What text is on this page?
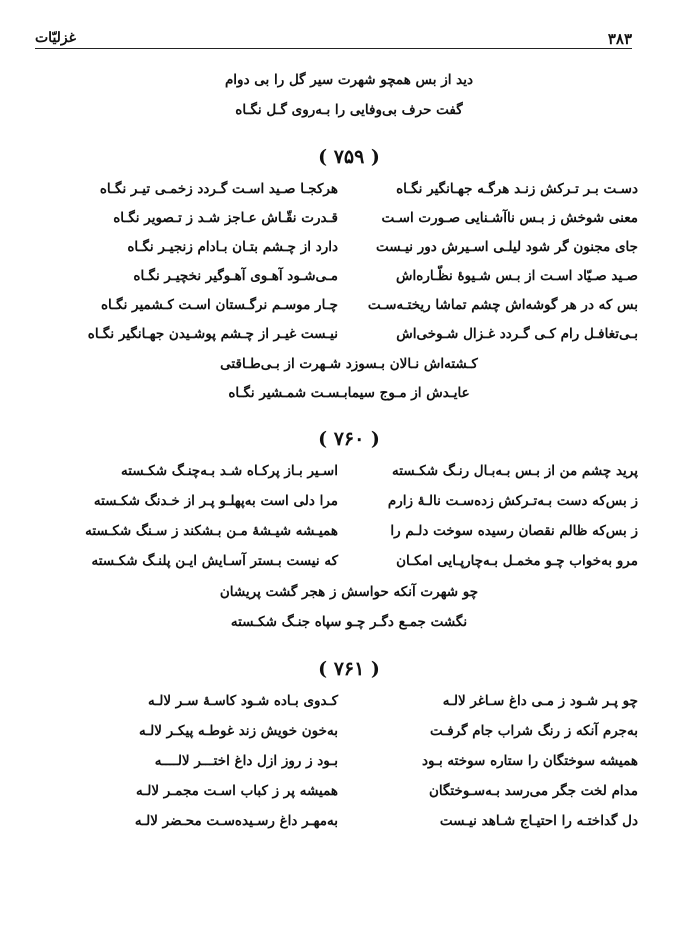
۳۸۳
غزلیّات
دید از بس همچو شهرت سیر گل را بی دوام
گفت حرف بی‌وفایی را بـه‌روی گـل نگـاه
( ۷۵۹ )
دسـت بـر تـرکش زنـد هرگـه جهـانگیر نگـاه
هرکجـا صـید اسـت گـردد زخمـی تیـر نگـاه
معنی شوخش ز بـس ناآشـنایی صـورت اسـت
قـدرت نقّـاش عـاجز شـد ز تـصویر نگـاه
جای مجنون گر شود لیلـی اسـیرش دور نیـست
دارد از چـشم بتـان بـادام زنجیـر نگـاه
صـید صـیّاد اسـت از بـس شـیوهٔ نظّـاره‌اش
مـی‌شـود آهـوی آهـوگیر نخچیـر نگـاه
بس که در هر گوشه‌اش چشم تماشا ریختـه‌سـت
چـار موسـم نرگـستان اسـت کـشمیر نگـاه
بـی‌تغافـل رام کـی گـردد غـزال شـوخی‌اش
نیـست غیـر از چـشم پوشـیدن جهـانگیر نگـاه
کـشته‌اش نـالان بـسوزد شـهرت از بـی‌طـاقتی
عایـدش از مـوج سیمابـسـت شمـشیر نگـاه
( ۷۶۰ )
پرید چشم من از بـس بـه‌بـال رنـگ شکـسته
اسـیر بـاز پرکـاه شـد بـه‌چنـگ شکـسته
ز بس‌که دست بـه‌تـرکش زده‌سـت نالـهٔ زارم
مرا دلی است به‌پهلـو پـر از خـدنگ شکـسته
ز بس‌که ظالم نقصان رسیده سوخت دلـم را
همیـشه شیـشهٔ مـن بـشکند ز سـنگ شکـسته
مرو به‌خواب چـو مخمـل بـه‌چارپـایی امکـان
که نیست بـستر آسـایش ایـن پلنـگ شکـسته
چو شهرت آنکه حواسش ز هجر گشت پریشان
نگشت جمـع دگـر چـو سپاه جنـگ شکـسته
( ۷۶۱ )
چو پـر شـود ز مـی داغ سـاغر لالـه
کـدوی بـاده شـود کاسـهٔ سـر لالـه
به‌جرم آنکه ز رنگ شراب جام گرفـت
به‌خون خویش زند غوطـه پیکـر لالـه
همیشه سوختگان را ستاره سوخته بـود
بـود ز روز ازل داغ اختـــر لالــــه
مدام لخت جگر می‌رسد بـه‌سـوختگان
همیشه پر ز کباب اسـت مجمـر لالـه
دل گداختـه را احتیـاج شـاهد نیـست
به‌مهـر داغ رسـیده‌سـت محـضر لالـه
